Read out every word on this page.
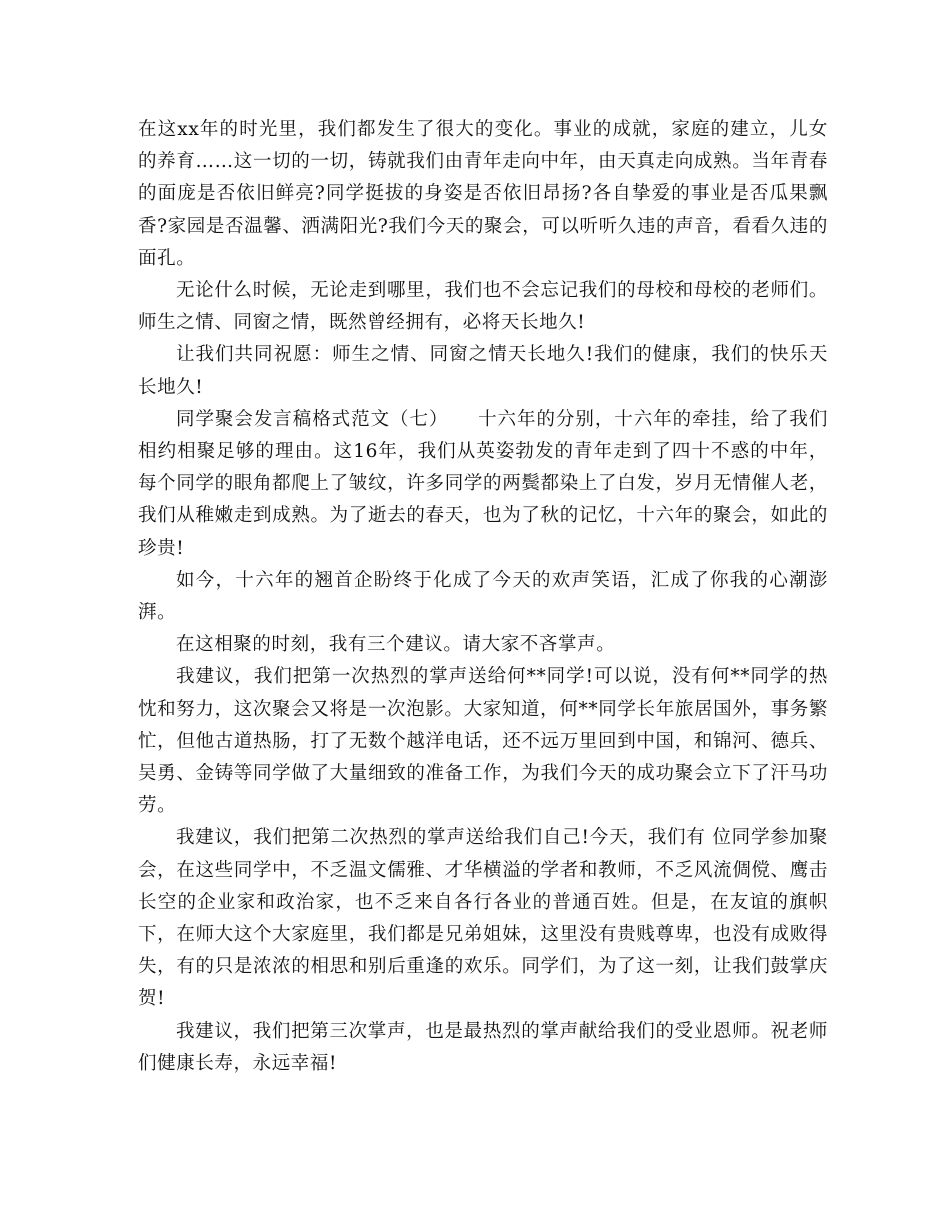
在这xx年的时光里，我们都发生了很大的变化。事业的成就，家庭的建立，儿女的养育……这一切的一切，铸就我们由青年走向中年，由天真走向成熟。当年青春的面庞是否依旧鲜亮?同学挺拔的身姿是否依旧昂扬?各自挚爱的事业是否瓜果飘香?家园是否温馨、洒满阳光?我们今天的聚会，可以听听久违的声音，看看久违的面孔。

无论什么时候，无论走到哪里，我们也不会忘记我们的母校和母校的老师们。师生之情、同窗之情，既然曾经拥有，必将天长地久!

让我们共同祝愿：师生之情、同窗之情天长地久!我们的健康，我们的快乐天长地久!

同学聚会发言稿格式范文（七）　　十六年的分别，十六年的牵挂，给了我们相约相聚足够的理由。这16年，我们从英姿勃发的青年走到了四十不惑的中年，每个同学的眼角都爬上了皱纹，许多同学的两鬓都染上了白发，岁月无情催人老，我们从稚嫩走到成熟。为了逝去的春天，也为了秋的记忆，十六年的聚会，如此的珍贵!

如今，十六年的翘首企盼终于化成了今天的欢声笑语，汇成了你我的心潮澎湃。

在这相聚的时刻，我有三个建议。请大家不吝掌声。

我建议，我们把第一次热烈的掌声送给何**同学!可以说，没有何**同学的热忱和努力，这次聚会又将是一次泡影。大家知道，何**同学长年旅居国外，事务繁忙，但他古道热肠，打了无数个越洋电话，还不远万里回到中国，和锦河、德兵、吴勇、金铸等同学做了大量细致的准备工作，为我们今天的成功聚会立下了汗马功劳。

我建议，我们把第二次热烈的掌声送给我们自己!今天，我们有 位同学参加聚会，在这些同学中，不乏温文儒雅、才华横溢的学者和教师，不乏风流倜傥、鹰击长空的企业家和政治家，也不乏来自各行各业的普通百姓。但是，在友谊的旗帜下，在师大这个大家庭里，我们都是兄弟姐妹，这里没有贵贱尊卑，也没有成败得失，有的只是浓浓的相思和别后重逢的欢乐。同学们，为了这一刻，让我们鼓掌庆贺!

我建议，我们把第三次掌声，也是最热烈的掌声献给我们的受业恩师。祝老师们健康长寿，永远幸福!
